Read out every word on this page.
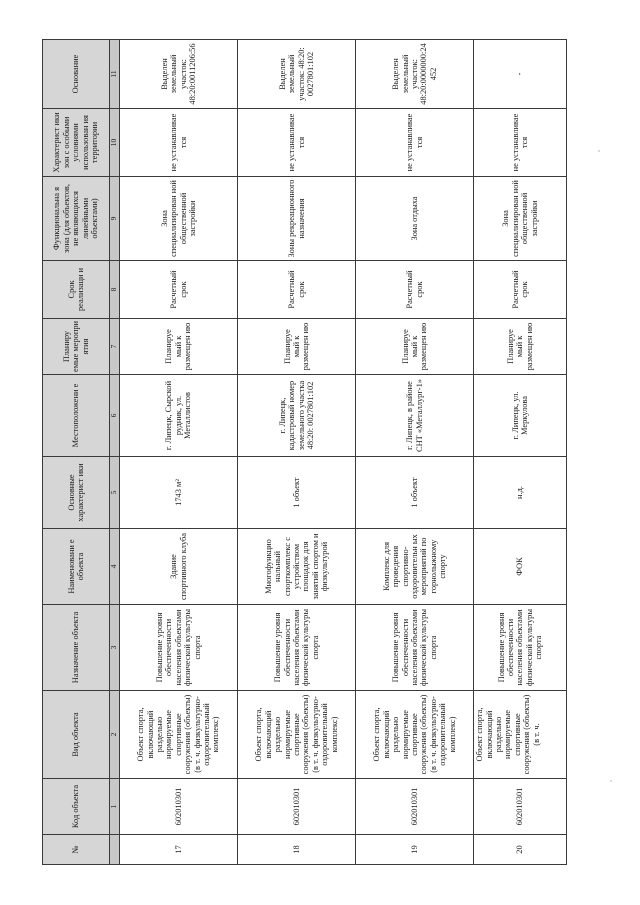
№	Код объекта	Вид объекта	Назначение объекта	Наименовани е объекта	Основные характерист ики	Местоположени е	Планиру емые меропри ятия	Срок реализаци и	Функциональна я зона (для объектов, не являющихся линейными объектами)	Характерист ики зон с особыми условиями использован ия территории	Основание
	1	2	3	4	5	6	7	8	9	10	11
17	602010301	Объект спорта, включающий раздельно нормируемые спортивные сооружения (объекты) (в т. ч. физкультурно-оздоровительный комплекс)	Повышение уровня обеспеченности населения объектами физической культуры спорта	Здание спортивного клуба	1743 м²	г. Липецк, Сырской рудник, ул. Металлистов	Планируе мый к размещен ию	Расчетный срок	Зона специализирован ной общественной застройки	не устанавливае тся	Выделен земельный участок: 48:20:0011206:56
18	602010301	Объект спорта, включающий раздельно нормируемые спортивные сооружения (объекты) (в т. ч. физкультурно-оздоровительный комплекс)	Повышение уровня обеспеченности населения объектами физической культуры спорта	Многофункцио нальный спорткомплекс с устройством площадок для занятий спортом и физкультурой	1 объект	г. Липецк, кадастровый номер земельного участка 48:20: 0027801:102	Планируе мый к размещен ию	Расчетный срок	Зоны рекреационного назначения	не устанавливае тся	Выделен земельный участок: 48:20: 0027801:102
19	602010301	Объект спорта, включающий раздельно нормируемые спортивные сооружения (объекты) (в т. ч. физкультурно-оздоровительный комплекс)	Повышение уровня обеспеченности населения объектами физической культуры спорта	Комплекс для проведения спортивно-оздоровительн ых мероприятий по горнолыжному спорту	1 объект	г. Липецк, в районе СНТ «Металлург-1»	Планируе мый к размещен ию	Расчетный срок	Зона отдыха	не устанавливае тся	Выделен земельный участок: 48:20:0000000:24452
20	602010301	Объект спорта, включающий раздельно нормируемые спортивные сооружения (объекты) (в т. ч.	Повышение уровня обеспеченности населения объектами физической культуры спорта	ФОК	н.д.	г. Липецк, ул. Меркулова	Планируе мый к размещен ию	Расчетный срок	Зона специализирован ной общественной застройки	не устанавливае тся	-
